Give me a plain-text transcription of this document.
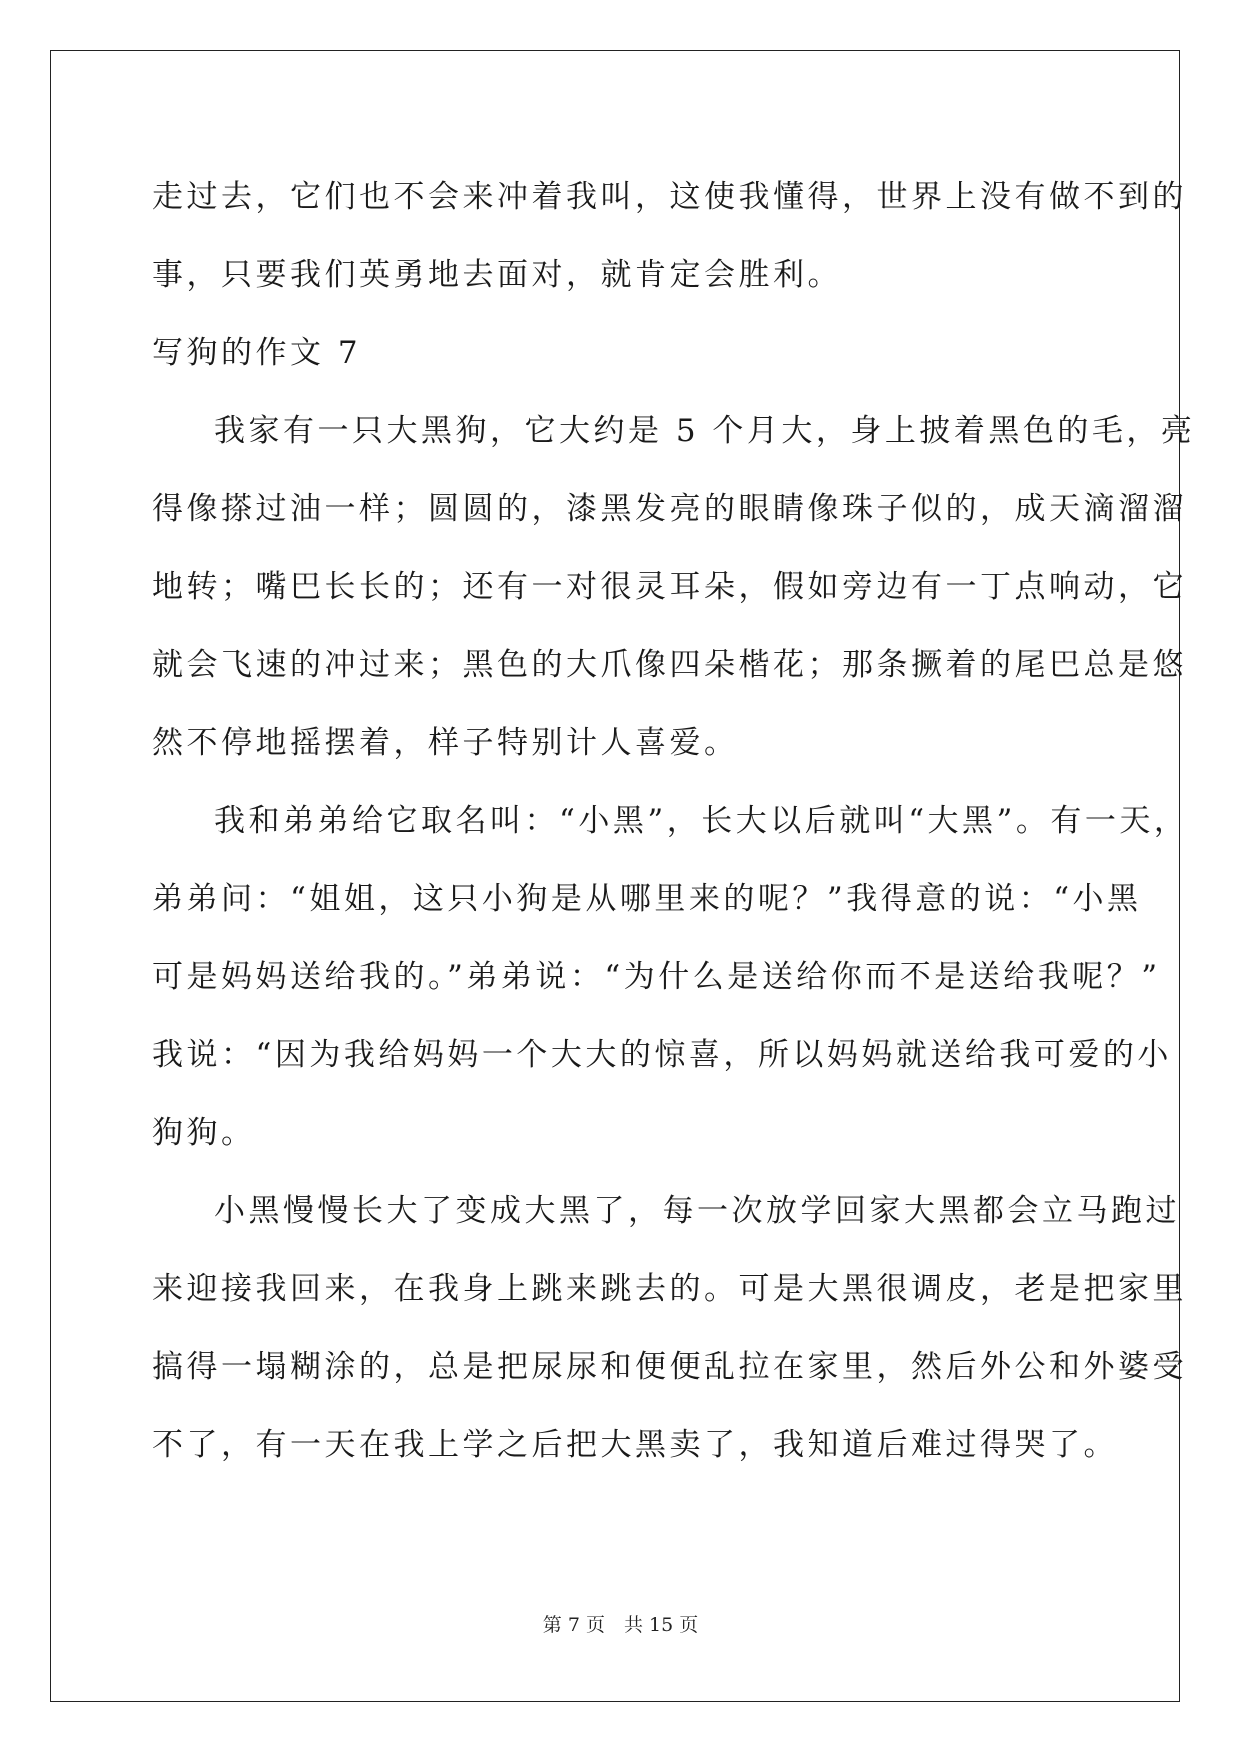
走过去，它们也不会来冲着我叫，这使我懂得，世界上没有做不到的
事，只要我们英勇地去面对，就肯定会胜利。
写狗的作文 7
我家有一只大黑狗，它大约是 5 个月大，身上披着黑色的毛，亮
得像搽过油一样；圆圆的，漆黑发亮的眼睛像珠子似的，成天滴溜溜
地转；嘴巴长长的；还有一对很灵耳朵，假如旁边有一丁点响动，它
就会飞速的冲过来；黑色的大爪像四朵楷花；那条撅着的尾巴总是悠
然不停地摇摆着，样子特别计人喜爱。
我和弟弟给它取名叫：“小黑”，长大以后就叫“大黑”。有一天，
弟弟问：“姐姐，这只小狗是从哪里来的呢？”我得意的说：“小黑
可是妈妈送给我的。”弟弟说：“为什么是送给你而不是送给我呢？”
我说：“因为我给妈妈一个大大的惊喜，所以妈妈就送给我可爱的小
狗狗。
小黑慢慢长大了变成大黑了，每一次放学回家大黑都会立马跑过
来迎接我回来，在我身上跳来跳去的。可是大黑很调皮，老是把家里
搞得一塌糊涂的，总是把尿尿和便便乱拉在家里，然后外公和外婆受
不了，有一天在我上学之后把大黑卖了，我知道后难过得哭了。
第 7 页　共 15 页
